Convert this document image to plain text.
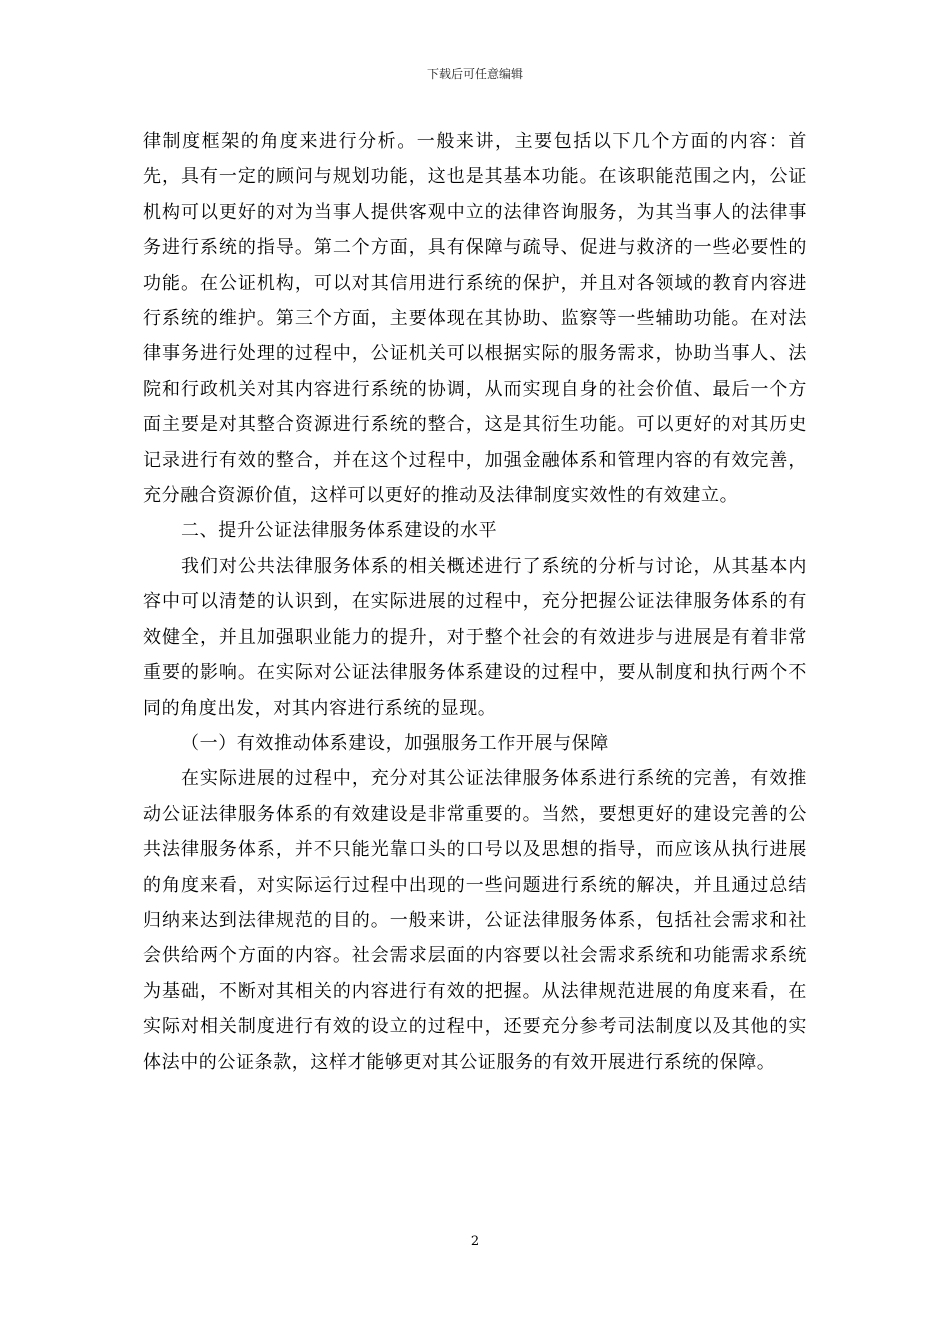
下载后可任意编辑

律制度框架的角度来进行分析。一般来讲，主要包括以下几个方面的内容：首先，具有一定的顾问与规划功能，这也是其基本功能。在该职能范围之内，公证机构可以更好的对为当事人提供客观中立的法律咨询服务，为其当事人的法律事务进行系统的指导。第二个方面，具有保障与疏导、促进与救济的一些必要性的功能。在公证机构，可以对其信用进行系统的保护，并且对各领域的教育内容进行系统的维护。第三个方面，主要体现在其协助、监察等一些辅助功能。在对法律事务进行处理的过程中，公证机关可以根据实际的服务需求，协助当事人、法院和行政机关对其内容进行系统的协调，从而实现自身的社会价值、最后一个方面主要是对其整合资源进行系统的整合，这是其衍生功能。可以更好的对其历史记录进行有效的整合，并在这个过程中，加强金融体系和管理内容的有效完善，充分融合资源价值，这样可以更好的推动及法律制度实效性的有效建立。

二、提升公证法律服务体系建设的水平

我们对公共法律服务体系的相关概述进行了系统的分析与讨论，从其基本内容中可以清楚的认识到，在实际进展的过程中，充分把握公证法律服务体系的有效健全，并且加强职业能力的提升，对于整个社会的有效进步与进展是有着非常重要的影响。在实际对公证法律服务体系建设的过程中，要从制度和执行两个不同的角度出发，对其内容进行系统的显现。

（一）有效推动体系建设，加强服务工作开展与保障

在实际进展的过程中，充分对其公证法律服务体系进行系统的完善，有效推动公证法律服务体系的有效建设是非常重要的。当然，要想更好的建设完善的公共法律服务体系，并不只能光靠口头的口号以及思想的指导，而应该从执行进展的角度来看，对实际运行过程中出现的一些问题进行系统的解决，并且通过总结归纳来达到法律规范的目的。一般来讲，公证法律服务体系，包括社会需求和社会供给两个方面的内容。社会需求层面的内容要以社会需求系统和功能需求系统为基础，不断对其相关的内容进行有效的把握。从法律规范进展的角度来看，在实际对相关制度进行有效的设立的过程中，还要充分参考司法制度以及其他的实体法中的公证条款，这样才能够更对其公证服务的有效开展进行系统的保障。

2
